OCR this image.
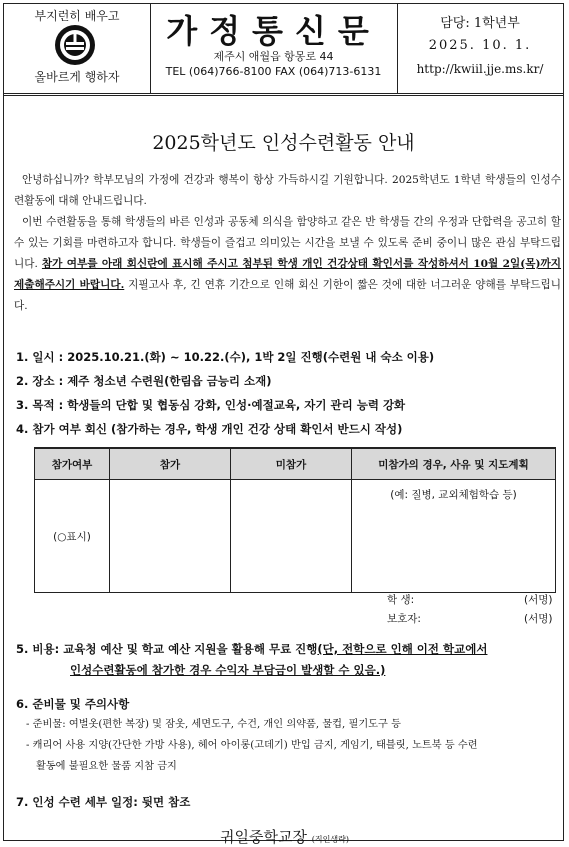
부지런히 배우고
올바르게 행하자
가정통신문
제주시 애월읍 항몽로 44
TEL (064)766-8100 FAX (064)713-6131
담당: 1학년부
2025. 10. 1.
http://kwiil.jje.ms.kr/
2025학년도 인성수련활동 안내
안녕하십니까? 학부모님의 가정에 건강과 행복이 항상 가득하시길 기원합니다. 2025학년도 1학년 학생들의 인성수련활동에 대해 안내드립니다.
이번 수련활동을 통해 학생들의 바른 인성과 공동체 의식을 함양하고 같은 반 학생들 간의 우정과 단합력을 공고히 할 수 있는 기회를 마련하고자 합니다. 학생들이 즐겁고 의미있는 시간을 보낼 수 있도록 준비 중이니 많은 관심 부탁드립니다. 참가 여부를 아래 회신란에 표시해 주시고 첨부된 학생 개인 건강상태 확인서를 작성하셔서 10월 2일(목)까지 제출해주시기 바랍니다. 지필고사 후, 긴 연휴 기간으로 인해 회신 기한이 짧은 것에 대한 너그러운 양해를 부탁드립니다.
1. 일시 : 2025.10.21.(화) ~ 10.22.(수), 1박 2일 진행(수련원 내 숙소 이용)
2. 장소 : 제주 청소년 수련원(한림읍 금능리 소재)
3. 목적 : 학생들의 단합 및 협동심 강화, 인성·예절교육, 자기 관리 능력 강화
4. 참가 여부 회신 (참가하는 경우, 학생 개인 건강 상태 확인서 반드시 작성)
참가여부	참가	미참가	미참가의 경우, 사유 및 지도계획
(○표시)			(예: 질병, 교외체험학습 등)
학 생:	(서명)
보호자:	(서명)
5. 비용: 교육청 예산 및 학교 예산 지원을 활용해 무료 진행(단, 전학으로 인해 이전 학교에서
인성수련활동에 참가한 경우 수익자 부담금이 발생할 수 있음.)
6. 준비물 및 주의사항
- 준비물: 여벌옷(편한 복장) 및 잠옷, 세면도구, 수건, 개인 의약품, 물컵, 필기도구 등
- 캐리어 사용 지양(간단한 가방 사용), 헤어 아이롱(고데기) 반입 금지, 게임기, 태블릿, 노트북 등 수련
활동에 불필요한 물품 지참 금지
7. 인성 수련 세부 일정: 뒷면 참조
귀일중학교장 (직인생략)
